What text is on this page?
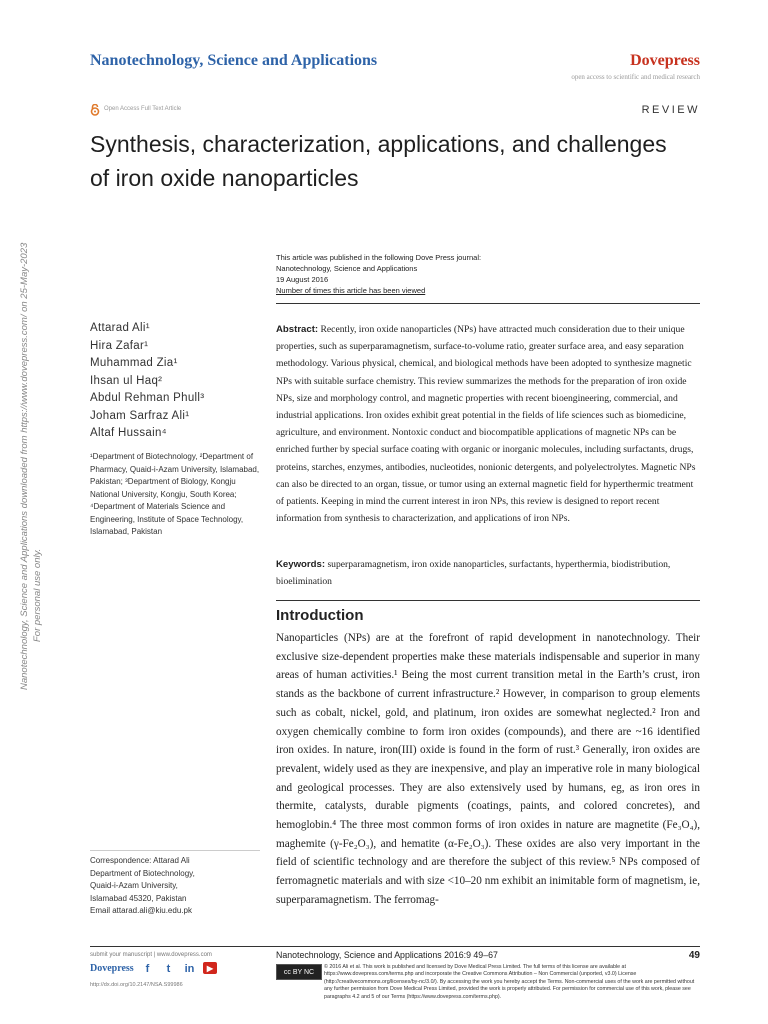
Nanotechnology, Science and Applications	Dovepress
open access to scientific and medical research
Open Access Full Text Article	REVIEW
Synthesis, characterization, applications, and challenges of iron oxide nanoparticles
This article was published in the following Dove Press journal:
Nanotechnology, Science and Applications
19 August 2016
Number of times this article has been viewed
Attarad Ali¹
Hira Zafar¹
Muhammad Zia¹
Ihsan ul Haq²
Abdul Rehman Phull³
Joham Sarfraz Ali¹
Altaf Hussain⁴
¹Department of Biotechnology, ²Department of Pharmacy, Quaid-i-Azam University, Islamabad, Pakistan; ³Department of Biology, Kongju National University, Kongju, South Korea; ⁴Department of Materials Science and Engineering, Institute of Space Technology, Islamabad, Pakistan
Abstract: Recently, iron oxide nanoparticles (NPs) have attracted much consideration due to their unique properties, such as superparamagnetism, surface-to-volume ratio, greater surface area, and easy separation methodology. Various physical, chemical, and biological methods have been adopted to synthesize magnetic NPs with suitable surface chemistry. This review summarizes the methods for the preparation of iron oxide NPs, size and morphology control, and magnetic properties with recent bioengineering, commercial, and industrial applications. Iron oxides exhibit great potential in the fields of life sciences such as biomedicine, agriculture, and environment. Nontoxic conduct and biocompatible applications of magnetic NPs can be enriched further by special surface coating with organic or inorganic molecules, including surfactants, drugs, proteins, starches, enzymes, antibodies, nucleotides, nonionic detergents, and polyelectrolytes. Magnetic NPs can also be directed to an organ, tissue, or tumor using an external magnetic field for hyperthermic treatment of patients. Keeping in mind the current interest in iron NPs, this review is designed to report recent information from synthesis to characterization, and applications of iron NPs.
Keywords: superparamagnetism, iron oxide nanoparticles, surfactants, hyperthermia, biodistribution, bioelimination
Introduction
Nanoparticles (NPs) are at the forefront of rapid development in nanotechnology. Their exclusive size-dependent properties make these materials indispensable and superior in many areas of human activities.¹ Being the most current transition metal in the Earth’s crust, iron stands as the backbone of current infrastructure.² However, in comparison to group elements such as cobalt, nickel, gold, and platinum, iron oxides are somewhat neglected.² Iron and oxygen chemically combine to form iron oxides (compounds), and there are ~16 identified iron oxides. In nature, iron(III) oxide is found in the form of rust.³ Generally, iron oxides are prevalent, widely used as they are inexpensive, and play an imperative role in many biological and geological processes. They are also extensively used by humans, eg, as iron ores in thermite, catalysts, durable pigments (coatings, paints, and colored concretes), and hemoglobin.⁴ The three most common forms of iron oxides in nature are magnetite (Fe₃O₄), maghemite (γ-Fe₂O₃), and hematite (α-Fe₂O₃). These oxides are also very important in the field of scientific technology and are therefore the subject of this review.⁵ NPs composed of ferromagnetic materials and with size <10–20 nm exhibit an inimitable form of magnetism, ie, superparamagnetism. The ferromag-
Correspondence: Attarad Ali
Department of Biotechnology,
Quaid-i-Azam University,
Islamabad 45320, Pakistan
Email attarad.ali@kiu.edu.pk
Nanotechnology, Science and Applications downloaded from https://www.dovepress.com/ on 25-May-2023 For personal use only.
submit your manuscript | www.dovepress.com
Dovepress	f	t	in	▶
http://dx.doi.org/10.2147/NSA.S99986
Nanotechnology, Science and Applications 2016:9 49–67	49
cc BY NC
© 2016 Ali et al. This work is published and licensed by Dove Medical Press Limited. The full terms of this license are available at https://www.dovepress.com/terms.php and incorporate the Creative Commons Attribution – Non Commercial (unported, v3.0) License (http://creativecommons.org/licenses/by-nc/3.0/). By accessing the work you hereby accept the Terms. Non-commercial uses of the work are permitted without any further permission from Dove Medical Press Limited, provided the work is properly attributed. For permission for commercial use of this work, please see paragraphs 4.2 and 5 of our Terms (https://www.dovepress.com/terms.php).
